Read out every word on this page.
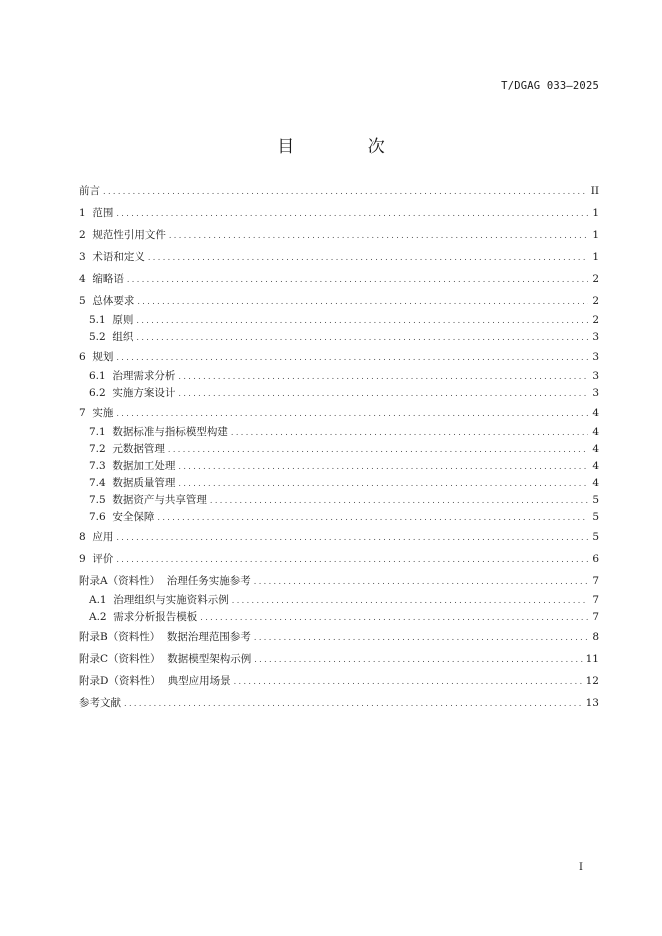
T/DGAG 033—2025
目 次
前言 .....	II
1 范围 .....	1
2 规范性引用文件 .....	1
3 术语和定义 .....	1
4 缩略语 .....	2
5 总体要求 .....	2
5.1 原则 .....	2
5.2 组织 .....	3
6 规划 .....	3
6.1 治理需求分析 .....	3
6.2 实施方案设计 .....	3
7 实施 .....	4
7.1 数据标准与指标模型构建 .....	4
7.2 元数据管理 .....	4
7.3 数据加工处理 .....	4
7.4 数据质量管理 .....	4
7.5 数据资产与共享管理 .....	5
7.6 安全保障 .....	5
8 应用 .....	5
9 评价 .....	6
附录A（资料性） 治理任务实施参考 .....	7
A.1 治理组织与实施资料示例 .....	7
A.2 需求分析报告模板 .....	7
附录B（资料性） 数据治理范围参考 .....	8
附录C（资料性） 数据模型架构示例 .....	11
附录D（资料性） 典型应用场景 .....	12
参考文献 .....	13
I
